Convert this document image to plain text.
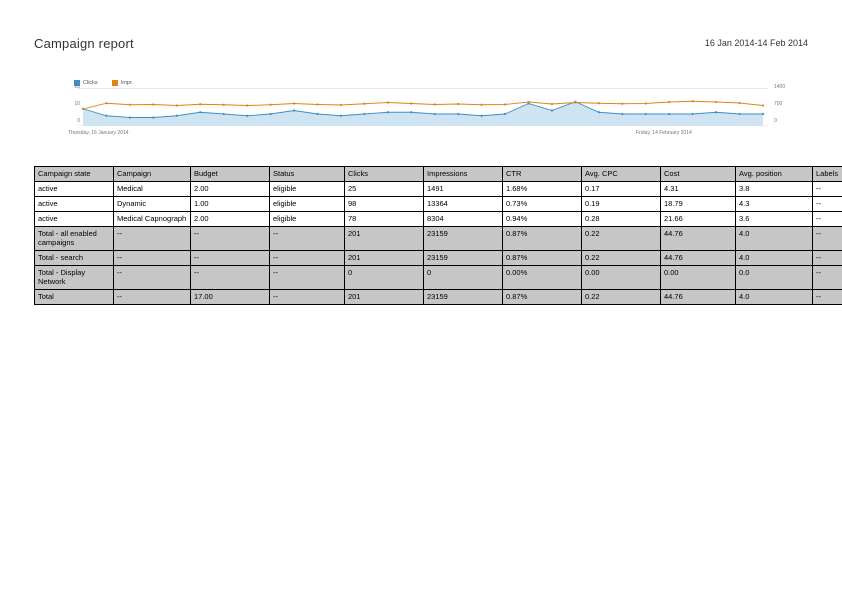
Campaign report	16 Jan 2014-14 Feb 2014
Clicks	Impr.
20
10
0
1400
700
0
Thursday, 16 January 2014	Friday, 14 February 2014
Campaign state	Campaign	Budget	Status	Clicks	Impressions	CTR	Avg. CPC	Cost	Avg. position	Labels
active	Medical	2.00	eligible	25	1491	1.68%	0.17	4.31	3.8	--
active	Dynamic	1.00	eligible	98	13364	0.73%	0.19	18.79	4.3	--
active	Medical Capnograph	2.00	eligible	78	8304	0.94%	0.28	21.66	3.6	--
Total - all enabled campaigns	--	--	--	201	23159	0.87%	0.22	44.76	4.0	--
Total - search	--	--	--	201	23159	0.87%	0.22	44.76	4.0	--
Total - Display Network	--	--	--	0	0	0.00%	0.00	0.00	0.0	--
Total	--	17.00	--	201	23159	0.87%	0.22	44.76	4.0	--
